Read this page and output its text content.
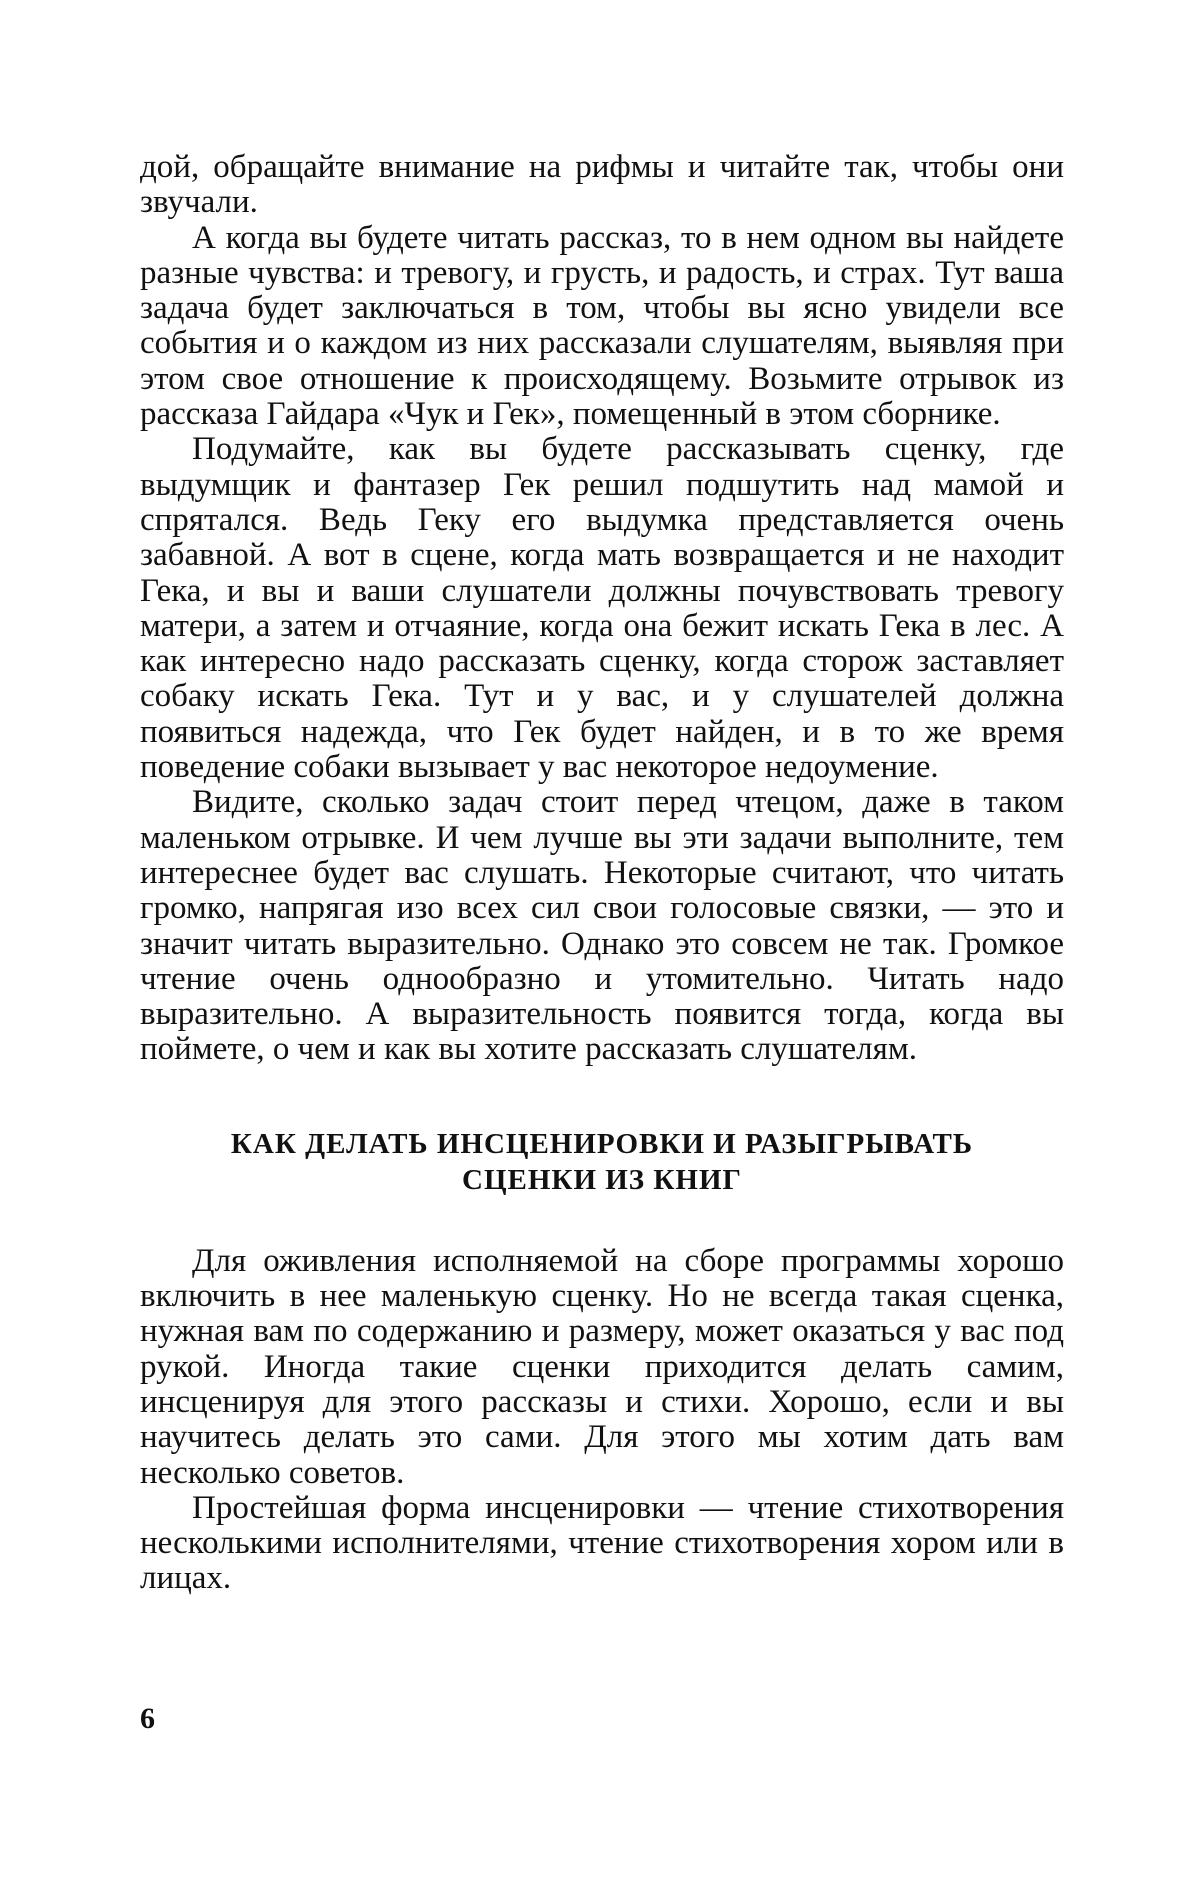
дой, обращайте внимание на рифмы и читайте так, чтобы они звучали.

А когда вы будете читать рассказ, то в нем одном вы найдете разные чувства: и тревогу, и грусть, и радость, и страх. Тут ваша задача будет заключаться в том, чтобы вы ясно увидели все события и о каждом из них рассказали слушателям, выявляя при этом свое отношение к происходящему. Возьмите отрывок из рассказа Гайдара «Чук и Гек», помещенный в этом сборнике.

Подумайте, как вы будете рассказывать сценку, где выдумщик и фантазер Гек решил подшутить над мамой и спрятался. Ведь Геку его выдумка представляется очень забавной. А вот в сцене, когда мать возвращается и не находит Гека, и вы и ваши слушатели должны почувствовать тревогу матери, а затем и отчаяние, когда она бежит искать Гека в лес. А как интересно надо рассказать сценку, когда сторож заставляет собаку искать Гека. Тут и у вас, и у слушателей должна появиться надежда, что Гек будет найден, и в то же время поведение собаки вызывает у вас некоторое недоумение.

Видите, сколько задач стоит перед чтецом, даже в таком маленьком отрывке. И чем лучше вы эти задачи выполните, тем интереснее будет вас слушать. Некоторые считают, что читать громко, напрягая изо всех сил свои голосовые связки, — это и значит читать выразительно. Однако это совсем не так. Громкое чтение очень однообразно и утомительно. Читать надо выразительно. А выразительность появится тогда, когда вы поймете, о чем и как вы хотите рассказать слушателям.

КАК ДЕЛАТЬ ИНСЦЕНИРОВКИ И РАЗЫГРЫВАТЬ
СЦЕНКИ ИЗ КНИГ

Для оживления исполняемой на сборе программы хорошо включить в нее маленькую сценку. Но не всегда такая сценка, нужная вам по содержанию и размеру, может оказаться у вас под рукой. Иногда такие сценки приходится делать самим, инсценируя для этого рассказы и стихи. Хорошо, если и вы научитесь делать это сами. Для этого мы хотим дать вам несколько советов.

Простейшая форма инсценировки — чтение стихотворения несколькими исполнителями, чтение стихотворения хором или в лицах.

6
